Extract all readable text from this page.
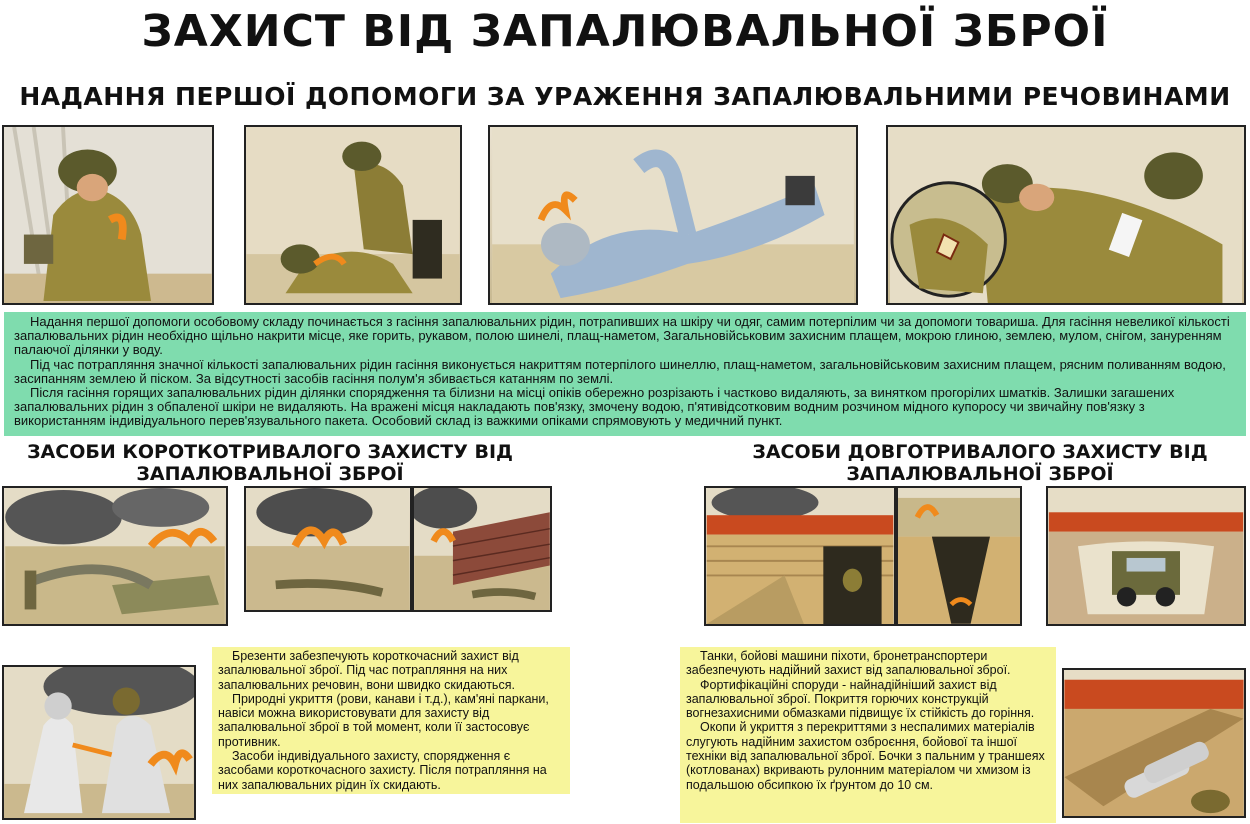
ЗАХИСТ ВІД ЗАПАЛЮВАЛЬНОЇ ЗБРОЇ
НАДАННЯ ПЕРШОЇ ДОПОМОГИ ЗА УРАЖЕННЯ ЗАПАЛЮВАЛЬНИМИ РЕЧОВИНАМИ

Надання першої допомоги особовому складу починається з гасіння запалювальних рідин, потрапивших на шкіру чи одяг, самим потерпілим чи за допомоги товариша. Для гасіння невеликої кількості запалювальних рідин необхідно щільно накрити місце, яке горить, рукавом, полою шинелі, плащ-наметом, Загальновійськовим захисним плащем, мокрою глиною, землею, мулом, снігом, зануренням палаючої ділянки у воду.

Під час потрапляння значної кількості запалювальних рідин гасіння виконується накриттям потерпілого шинеллю, плащ-наметом, загальновійськовим захисним плащем, рясним поливанням водою, засипанням землею й піском. За відсутності засобів гасіння полум'я збивається катанням по землі.

Після гасіння горящих запалювальних рідин ділянки спорядження та білизни на місці опіків обережно розрізають і частково видаляють, за винятком прогорілих шматків. Залишки загашених запалювальних рідин з обпаленої шкіри не видаляють. На вражені місця накладають пов'язку, змочену водою, п'ятивідсотковим водним розчином мідного купоросу чи звичайну пов'язку з використанням індивідуального перев'язувального пакета. Особовий склад із важкими опіками спрямовують у медичний пункт.

ЗАСОБИ КОРОТКОТРИВАЛОГО ЗАХИСТУ ВІД ЗАПАЛЮВАЛЬНОЇ ЗБРОЇ
ЗАСОБИ ДОВГОТРИВАЛОГО ЗАХИСТУ ВІД ЗАПАЛЮВАЛЬНОЇ ЗБРОЇ

Брезенти забезпечують короткочасний захист від запалювальної зброї. Під час потрапляння на них запалювальних речовин, вони швидко скидаються.

Природні укриття (рови, канави і т.д.), кам'яні паркани, навіси можна використовувати для захисту від запалювальної зброї в той момент, коли її застосовує противник.

Засоби індивідуального захисту, спорядження є засобами короткочасного захисту. Після потрапляння на них запалювальних рідин їх скидають.

Танки, бойові машини піхоти, бронетранспортери забезпечують надійний захист від запалювальної зброї.

Фортифікаційні споруди - найнадійніший захист від запалювальної зброї. Покриття горючих конструкцій вогнезахисними обмазками підвищує їх стійкість до горіння.

Окопи й укриття з перекриттями з неспалимих матеріалів слугують надійним захистом озброєння, бойової та іншої техніки від запалювальної зброї. Бочки з пальним у траншеях (котлованах) вкривають рулонним матеріалом чи хмизом із подальшою обсипкою їх ґрунтом до 10 см.
